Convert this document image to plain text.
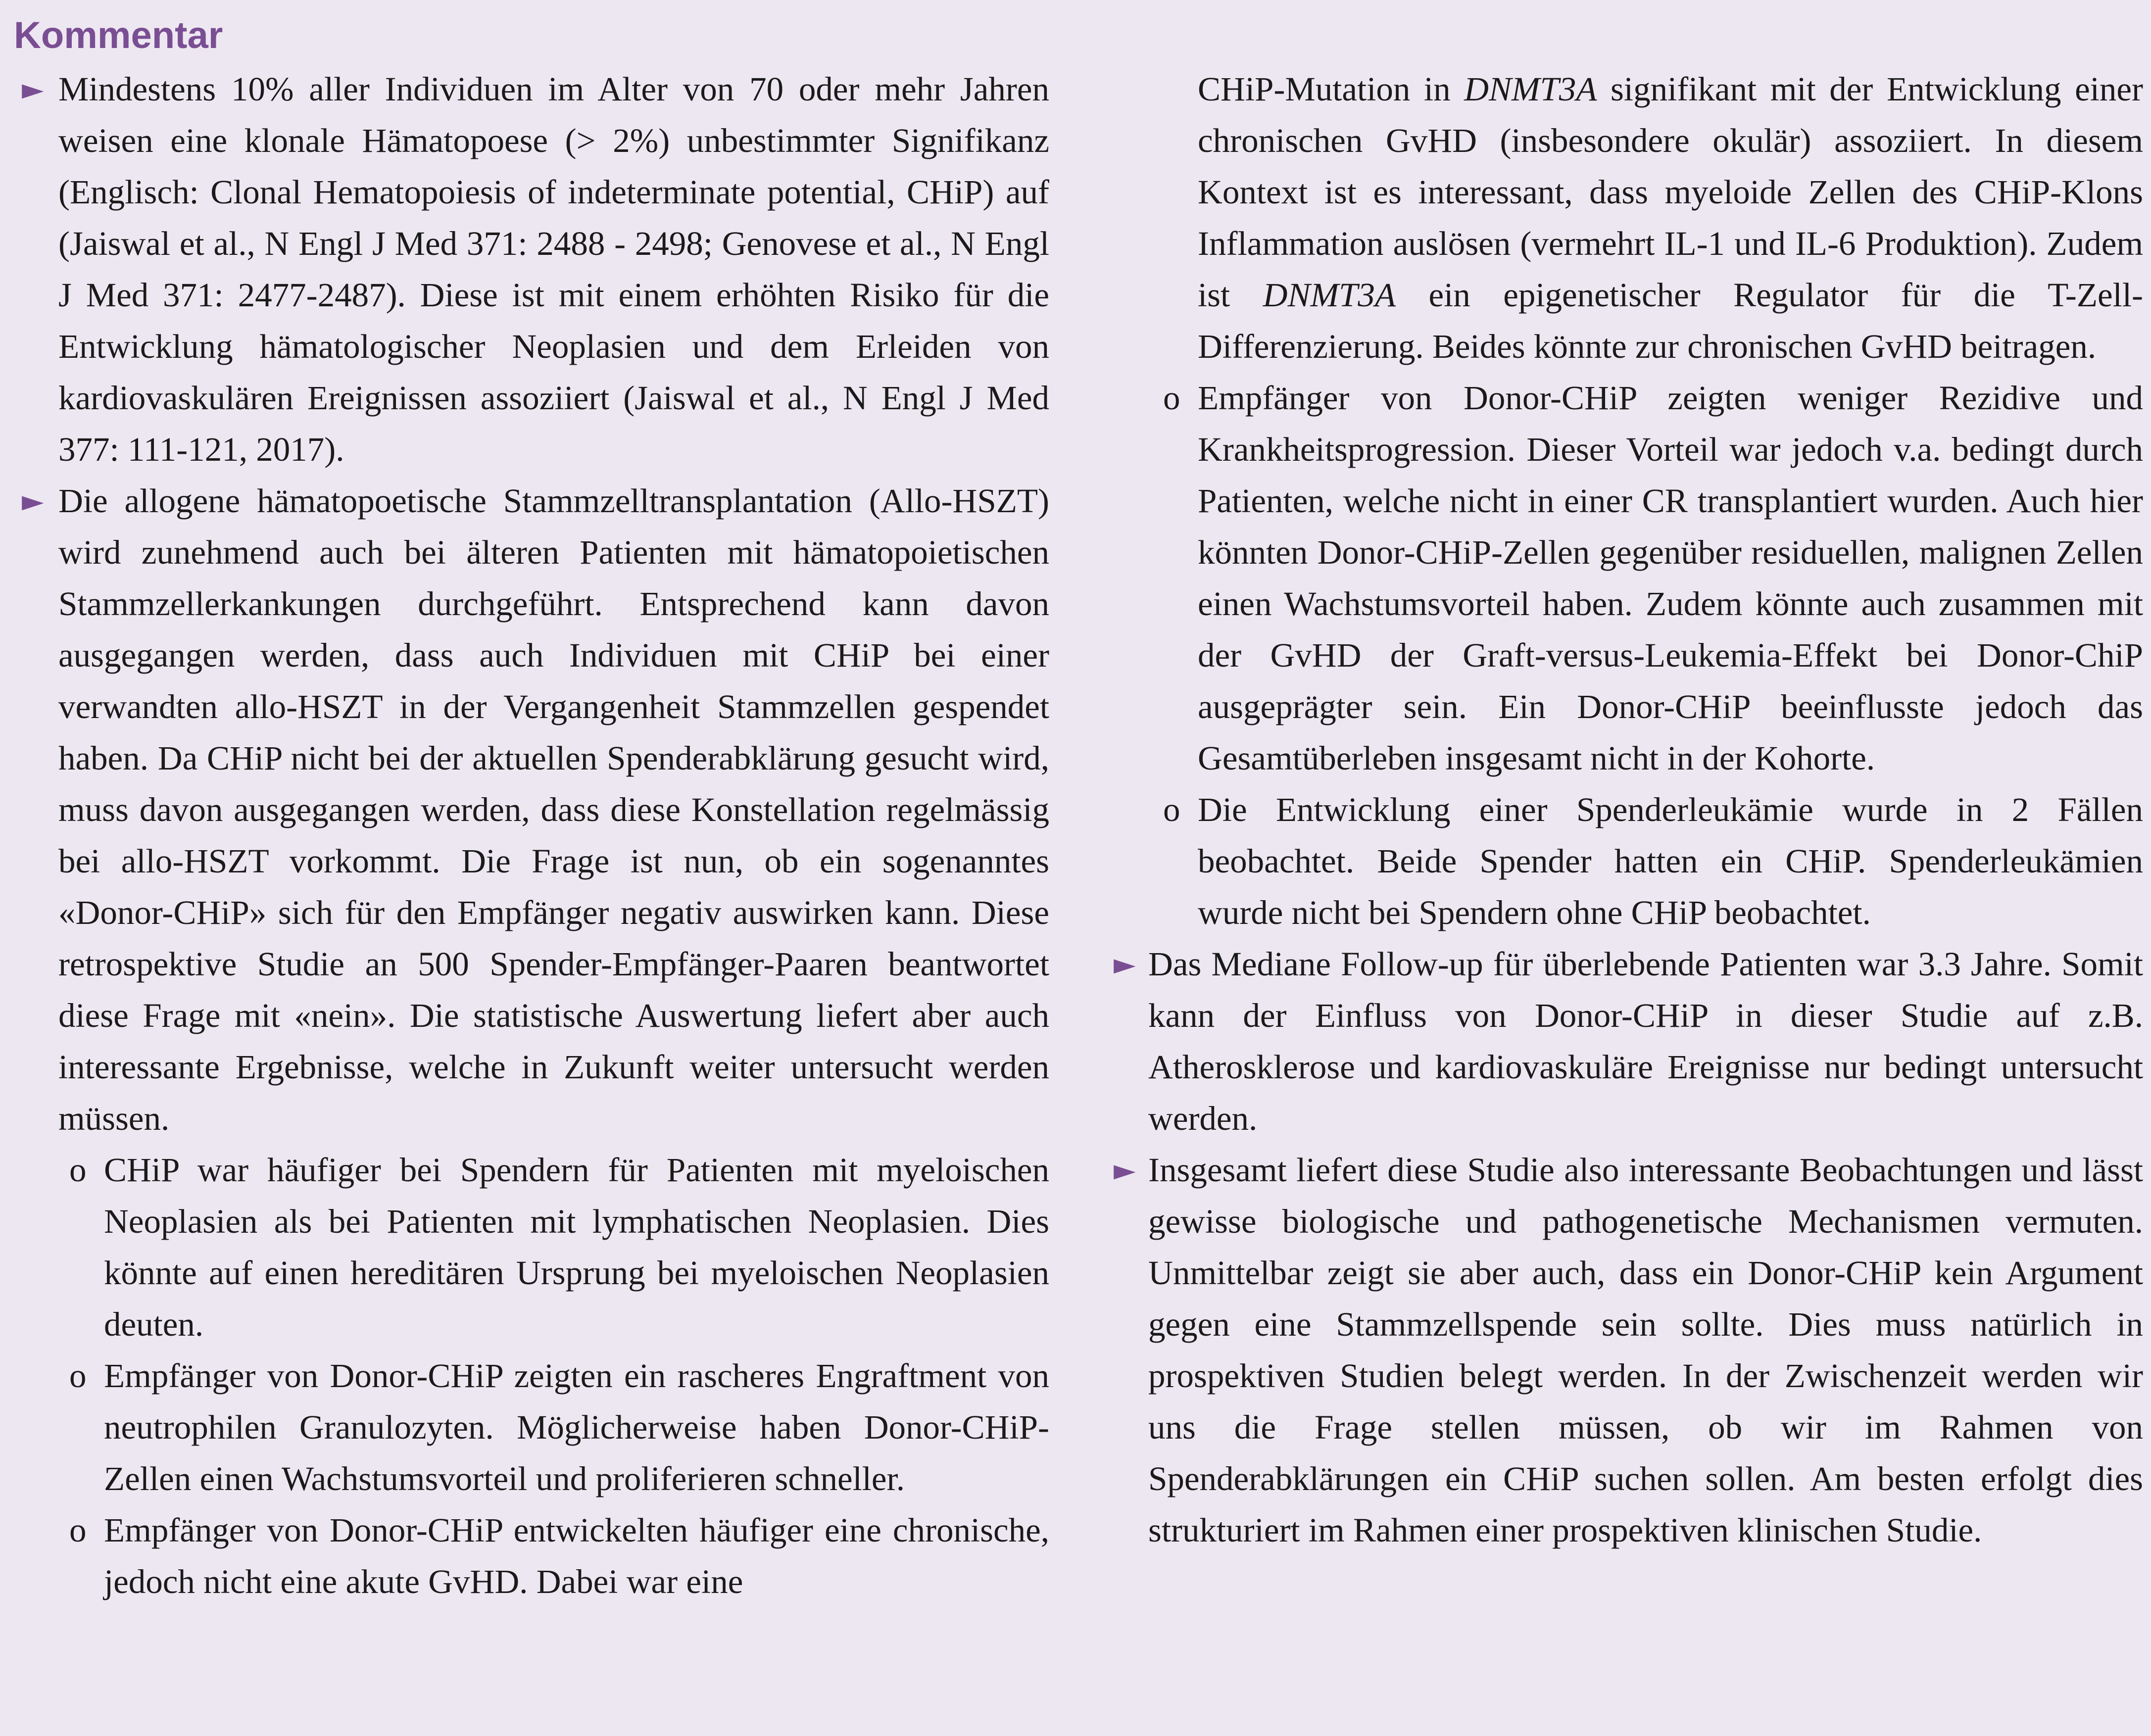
Kommentar

► Mindestens 10% aller Individuen im Alter von 70 oder mehr Jahren weisen eine klonale Hämatopoese (> 2%) unbestimmter Signifikanz (Englisch: Clonal Hematopoiesis of indeterminate potential, CHiP) auf (Jaiswal et al., N Engl J Med 371: 2488 - 2498; Genovese et al., N Engl J Med 371: 2477-2487). Diese ist mit einem erhöhten Risiko für die Entwicklung hämatologischer Neoplasien und dem Erleiden von kardiovaskulären Ereignissen assoziiert (Jaiswal et al., N Engl J Med 377: 111-121, 2017).

► Die allogene hämatopoetische Stammzelltransplantation (Allo-HSZT) wird zunehmend auch bei älteren Patienten mit hämatopoietischen Stammzellerkankungen durchgeführt. Entsprechend kann davon ausgegangen werden, dass auch Individuen mit CHiP bei einer verwandten allo-HSZT in der Vergangenheit Stammzellen gespendet haben. Da CHiP nicht bei der aktuellen Spenderabklärung gesucht wird, muss davon ausgegangen werden, dass diese Konstellation regelmässig bei allo-HSZT vorkommt. Die Frage ist nun, ob ein sogenanntes «Donor-CHiP» sich für den Empfänger negativ auswirken kann. Diese retrospektive Studie an 500 Spender-Empfänger-Paaren beantwortet diese Frage mit «nein». Die statistische Auswertung liefert aber auch interessante Ergebnisse, welche in Zukunft weiter untersucht werden müssen.

o CHiP war häufiger bei Spendern für Patienten mit myeloischen Neoplasien als bei Patienten mit lymphatischen Neoplasien. Dies könnte auf einen hereditären Ursprung bei myeloischen Neoplasien deuten.

o Empfänger von Donor-CHiP zeigten ein rascheres Engraftment von neutrophilen Granulozyten. Möglicherweise haben Donor-CHiP-Zellen einen Wachstumsvorteil und proliferieren schneller.

o Empfänger von Donor-CHiP entwickelten häufiger eine chronische, jedoch nicht eine akute GvHD. Dabei war eine

CHiP-Mutation in DNMT3A signifikant mit der Entwicklung einer chronischen GvHD (insbesondere okulär) assoziiert. In diesem Kontext ist es interessant, dass myeloide Zellen des CHiP-Klons Inflammation auslösen (vermehrt IL-1 und IL-6 Produktion). Zudem ist DNMT3A ein epigenetischer Regulator für die T-Zell-Differenzierung. Beides könnte zur chronischen GvHD beitragen.

o Empfänger von Donor-CHiP zeigten weniger Rezidive und Krankheitsprogression. Dieser Vorteil war jedoch v.a. bedingt durch Patienten, welche nicht in einer CR transplantiert wurden. Auch hier könnten Donor-CHiP-Zellen gegenüber residuellen, malignen Zellen einen Wachstumsvorteil haben. Zudem könnte auch zusammen mit der GvHD der Graft-versus-Leukemia-Effekt bei Donor-ChiP ausgeprägter sein. Ein Donor-CHiP beeinflusste jedoch das Gesamtüberleben insgesamt nicht in der Kohorte.

o Die Entwicklung einer Spenderleukämie wurde in 2 Fällen beobachtet. Beide Spender hatten ein CHiP. Spenderleukämien wurde nicht bei Spendern ohne CHiP beobachtet.

► Das Mediane Follow-up für überlebende Patienten war 3.3 Jahre. Somit kann der Einfluss von Donor-CHiP in dieser Studie auf z.B. Atherosklerose und kardiovaskuläre Ereignisse nur bedingt untersucht werden.

► Insgesamt liefert diese Studie also interessante Beobachtungen und lässt gewisse biologische und pathogenetische Mechanismen vermuten. Unmittelbar zeigt sie aber auch, dass ein Donor-CHiP kein Argument gegen eine Stammzellspende sein sollte. Dies muss natürlich in prospektiven Studien belegt werden. In der Zwischenzeit werden wir uns die Frage stellen müssen, ob wir im Rahmen von Spenderabklärungen ein CHiP suchen sollen. Am besten erfolgt dies strukturiert im Rahmen einer prospektiven klinischen Studie.
